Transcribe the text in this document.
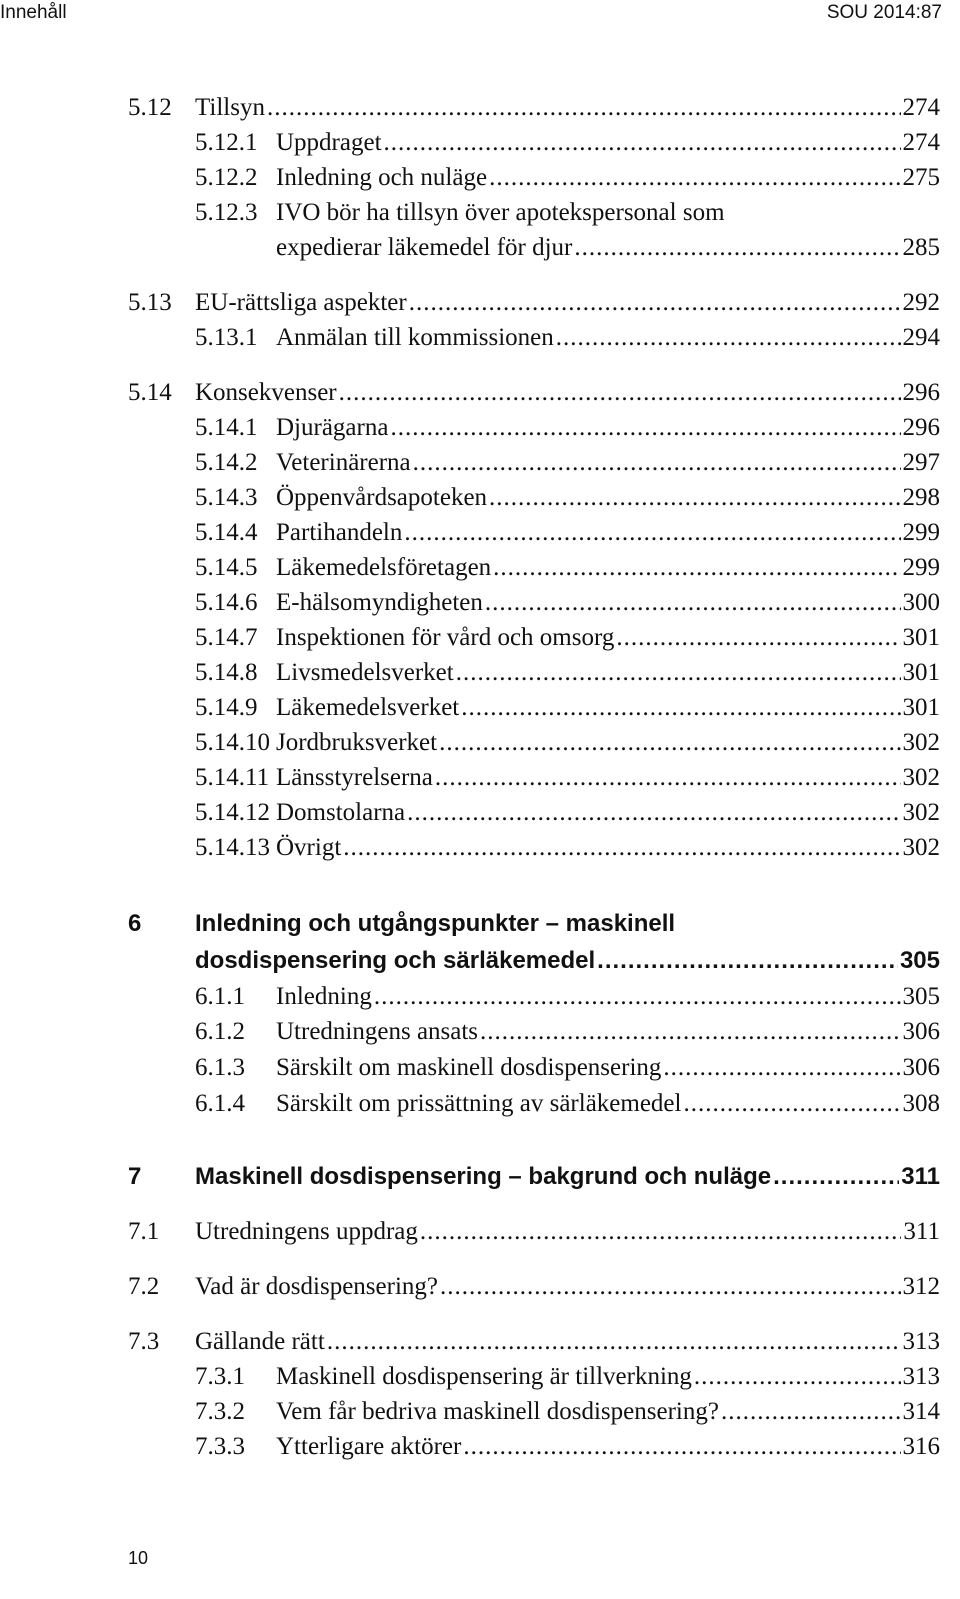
Innehåll	SOU 2014:87
5.12 Tillsyn .....	274
5.12.1 Uppdraget .....	274
5.12.2 Inledning och nuläge .....	275
5.12.3 IVO bör ha tillsyn över apotekspersonal som
expedierar läkemedel för djur .....	285
5.13 EU-rättsliga aspekter .....	292
5.13.1 Anmälan till kommissionen .....	294
5.14 Konsekvenser .....	296
5.14.1 Djurägarna .....	296
5.14.2 Veterinärerna .....	297
5.14.3 Öppenvårdsapoteken .....	298
5.14.4 Partihandeln .....	299
5.14.5 Läkemedelsföretagen .....	299
5.14.6 E-hälsomyndigheten .....	300
5.14.7 Inspektionen för vård och omsorg .....	301
5.14.8 Livsmedelsverket .....	301
5.14.9 Läkemedelsverket .....	301
5.14.10 Jordbruksverket .....	302
5.14.11 Länsstyrelserna .....	302
5.14.12 Domstolarna .....	302
5.14.13 Övrigt .....	302
6 Inledning och utgångspunkter – maskinell
dosdispensering och särläkemedel .....	305
6.1.1 Inledning .....	305
6.1.2 Utredningens ansats .....	306
6.1.3 Särskilt om maskinell dosdispensering .....	306
6.1.4 Särskilt om prissättning av särläkemedel .....	308
7 Maskinell dosdispensering – bakgrund och nuläge .....	311
7.1 Utredningens uppdrag .....	311
7.2 Vad är dosdispensering? .....	312
7.3 Gällande rätt .....	313
7.3.1 Maskinell dosdispensering är tillverkning .....	313
7.3.2 Vem får bedriva maskinell dosdispensering? .....	314
7.3.3 Ytterligare aktörer .....	316
10
